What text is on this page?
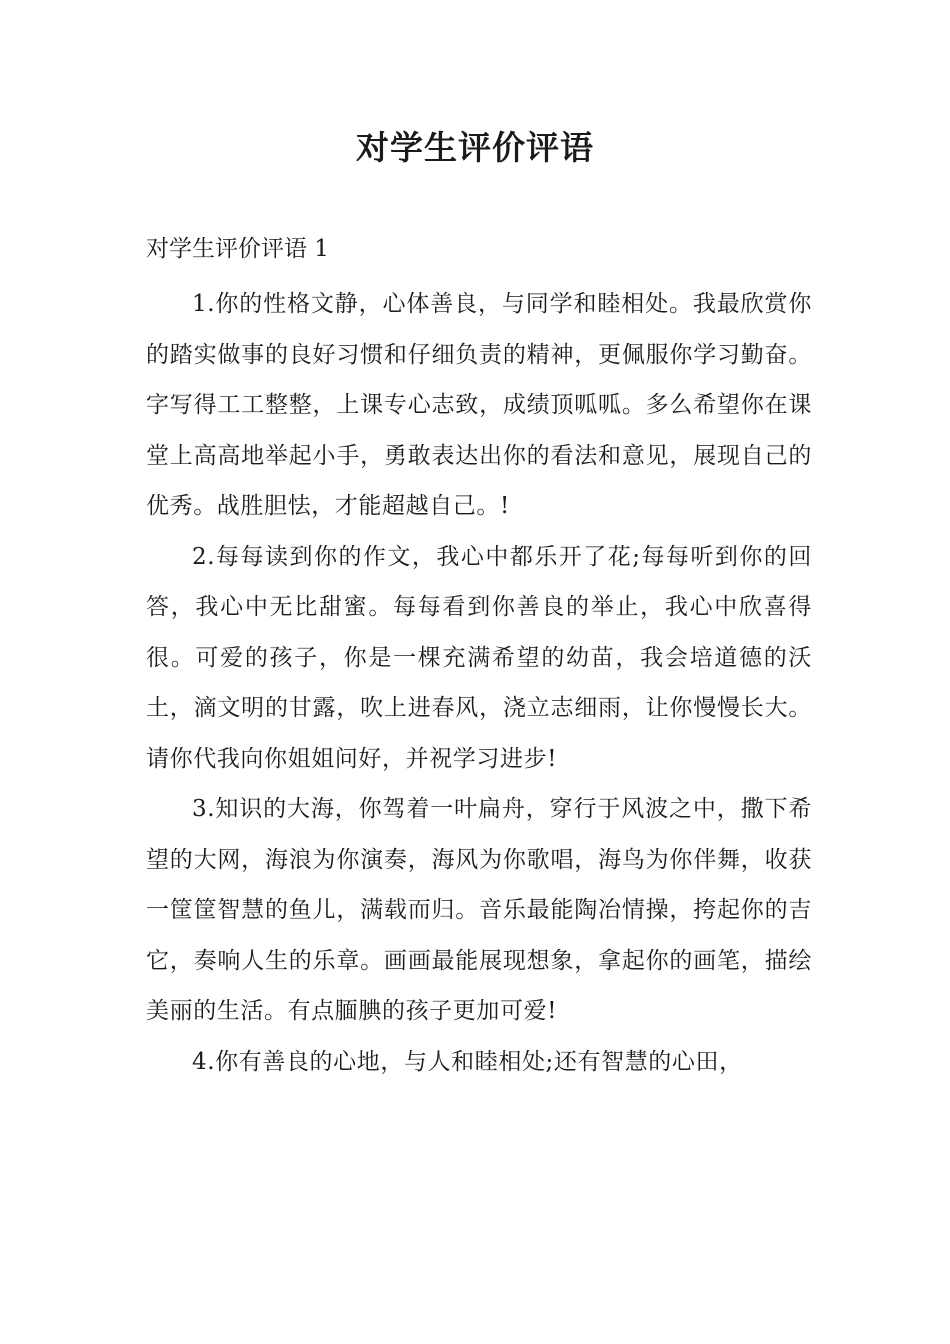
对学生评价评语

对学生评价评语 1

1.你的性格文静，心体善良，与同学和睦相处。我最欣赏你的踏实做事的良好习惯和仔细负责的精神，更佩服你学习勤奋。字写得工工整整，上课专心志致，成绩顶呱呱。多么希望你在课堂上高高地举起小手，勇敢表达出你的看法和意见，展现自己的优秀。战胜胆怯，才能超越自己。!

2.每每读到你的作文，我心中都乐开了花;每每听到你的回答，我心中无比甜蜜。每每看到你善良的举止，我心中欣喜得很。可爱的孩子，你是一棵充满希望的幼苗，我会培道德的沃土，滴文明的甘露，吹上进春风，浇立志细雨，让你慢慢长大。请你代我向你姐姐问好，并祝学习进步!

3.知识的大海，你驾着一叶扁舟，穿行于风波之中，撒下希望的大网，海浪为你演奏，海风为你歌唱，海鸟为你伴舞，收获一筐筐智慧的鱼儿，满载而归。音乐最能陶冶情操，挎起你的吉它，奏响人生的乐章。画画最能展现想象，拿起你的画笔，描绘美丽的生活。有点腼腆的孩子更加可爱!

4.你有善良的心地，与人和睦相处;还有智慧的心田，
